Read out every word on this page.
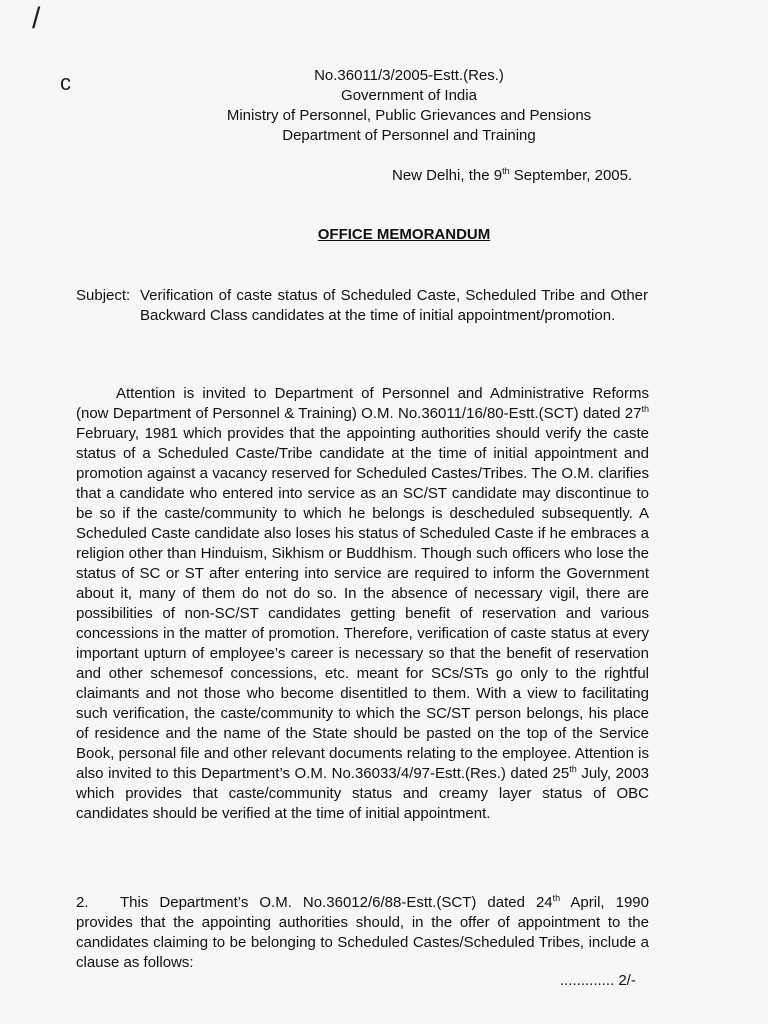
/
c	No.36011/3/2005-Estt.(Res.)
Government of India
Ministry of Personnel, Public Grievances and Pensions
Department of Personnel and Training
New Delhi, the 9th September, 2005.
OFFICE MEMORANDUM
Subject: Verification of caste status of Scheduled Caste, Scheduled Tribe and Other Backward Class candidates at the time of initial appointment/promotion.
Attention is invited to Department of Personnel and Administrative Reforms (now Department of Personnel & Training) O.M. No.36011/16/80-Estt.(SCT) dated 27th February, 1981 which provides that the appointing authorities should verify the caste status of a Scheduled Caste/Tribe candidate at the time of initial appointment and promotion against a vacancy reserved for Scheduled Castes/Tribes. The O.M. clarifies that a candidate who entered into service as an SC/ST candidate may discontinue to be so if the caste/community to which he belongs is descheduled subsequently. A Scheduled Caste candidate also loses his status of Scheduled Caste if he embraces a religion other than Hinduism, Sikhism or Buddhism. Though such officers who lose the status of SC or ST after entering into service are required to inform the Government about it, many of them do not do so. In the absence of necessary vigil, there are possibilities of non-SC/ST candidates getting benefit of reservation and various concessions in the matter of promotion. Therefore, verification of caste status at every important upturn of employee’s career is necessary so that the benefit of reservation and other schemesof concessions, etc. meant for SCs/STs go only to the rightful claimants and not those who become disentitled to them. With a view to facilitating such verification, the caste/community to which the SC/ST person belongs, his place of residence and the name of the State should be pasted on the top of the Service Book, personal file and other relevant documents relating to the employee. Attention is also invited to this Department’s O.M. No.36033/4/97-Estt.(Res.) dated 25th July, 2003 which provides that caste/community status and creamy layer status of OBC candidates should be verified at the time of initial appointment.
2. This Department’s O.M. No.36012/6/88-Estt.(SCT) dated 24th April, 1990 provides that the appointing authorities should, in the offer of appointment to the candidates claiming to be belonging to Scheduled Castes/Scheduled Tribes, include a clause as follows:
............. 2/-
